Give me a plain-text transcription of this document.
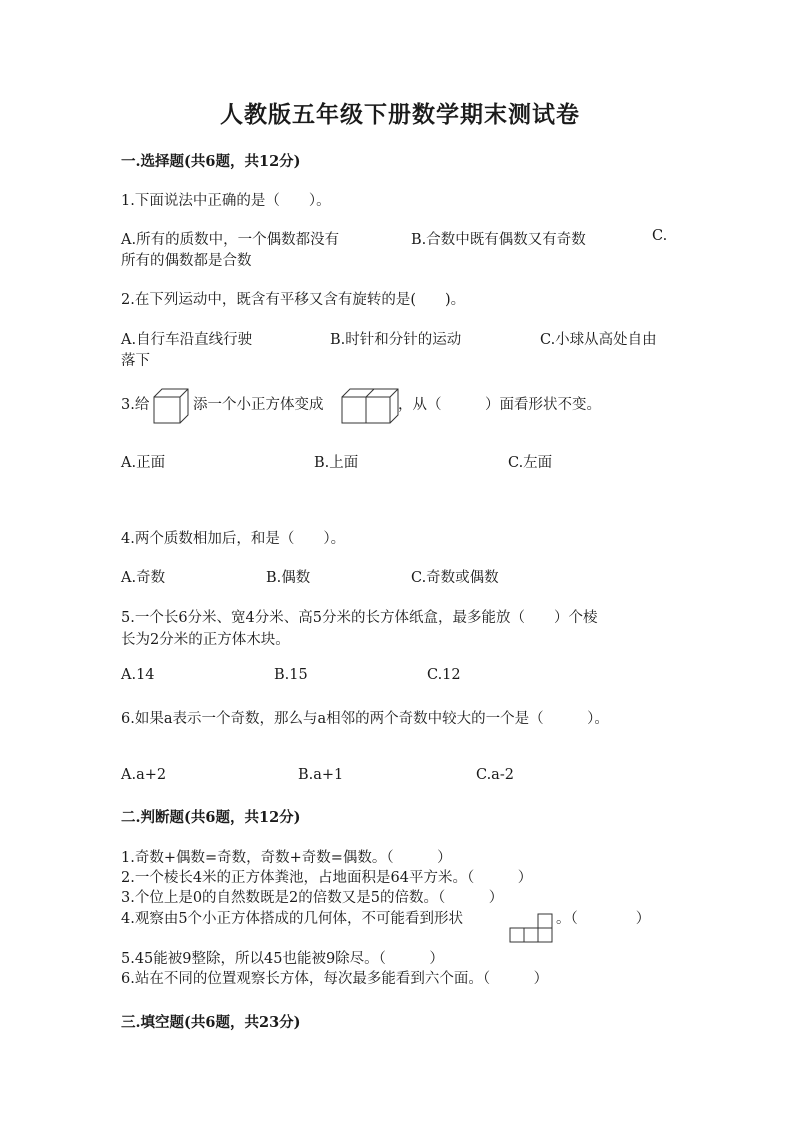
人教版五年级下册数学期末测试卷
一.选择题(共6题，共12分)
1.下面说法中正确的是（　　）。
A.所有的质数中，一个偶数都没有	B.合数中既有偶数又有奇数	C.
所有的偶数都是合数
2.在下列运动中，既含有平移又含有旋转的是(　　)。
A.自行车沿直线行驶	B.时针和分针的运动	C.小球从高处自由
落下
3.给	添一个小正方体变成	，从（　　　）面看形状不变。
A.正面	B.上面	C.左面
4.两个质数相加后，和是（　　）。
A.奇数	B.偶数	C.奇数或偶数
5.一个长6分米、宽4分米、高5分米的长方体纸盒，最多能放（　　）个棱
长为2分米的正方体木块。
A.14	B.15	C.12
6.如果a表示一个奇数，那么与a相邻的两个奇数中较大的一个是（　　　）。
A.a+2	B.a+1	C.a-2
二.判断题(共6题，共12分)
1.奇数+偶数=奇数，奇数+奇数=偶数。（　　　）
2.一个棱长4米的正方体粪池，占地面积是64平方米。（　　　）
3.个位上是0的自然数既是2的倍数又是5的倍数。（　　　）
4.观察由5个小正方体搭成的几何体，不可能看到形状	。（　　　　）
5.45能被9整除，所以45也能被9除尽。（　　　）
6.站在不同的位置观察长方体，每次最多能看到六个面。（　　　）
三.填空题(共6题，共23分)
